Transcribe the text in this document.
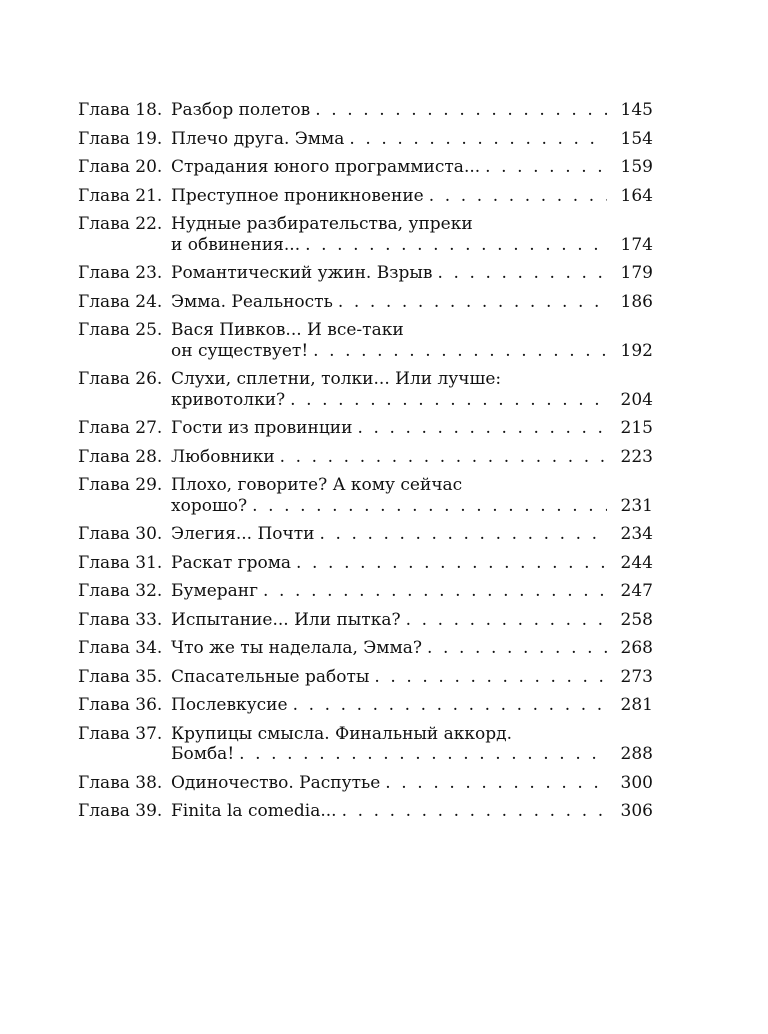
Глава 18. Разбор полетов . . .	145
Глава 19. Плечо друга. Эмма . . .	154
Глава 20. Страдания юного программиста... . . .	159
Глава 21. Преступное проникновение . . .	164
Глава 22. Нудные разбирательства, упреки
и обвинения... . . .	174
Глава 23. Романтический ужин. Взрыв . . .	179
Глава 24. Эмма. Реальность . . .	186
Глава 25. Вася Пивков... И все-таки
он существует! . . .	192
Глава 26. Слухи, сплетни, толки... Или лучше:
кривотолки? . . .	204
Глава 27. Гости из провинции . . .	215
Глава 28. Любовники . . .	223
Глава 29. Плохо, говорите? А кому сейчас
хорошо? . . .	231
Глава 30. Элегия... Почти . . .	234
Глава 31. Раскат грома . . .	244
Глава 32. Бумеранг . . .	247
Глава 33. Испытание... Или пытка? . . .	258
Глава 34. Что же ты наделала, Эмма? . . .	268
Глава 35. Спасательные работы . . .	273
Глава 36. Послевкусие . . .	281
Глава 37. Крупицы смысла. Финальный аккорд.
Бомба! . . .	288
Глава 38. Одиночество. Распутье . . .	300
Глава 39. Finita la comedia... . . .	306
